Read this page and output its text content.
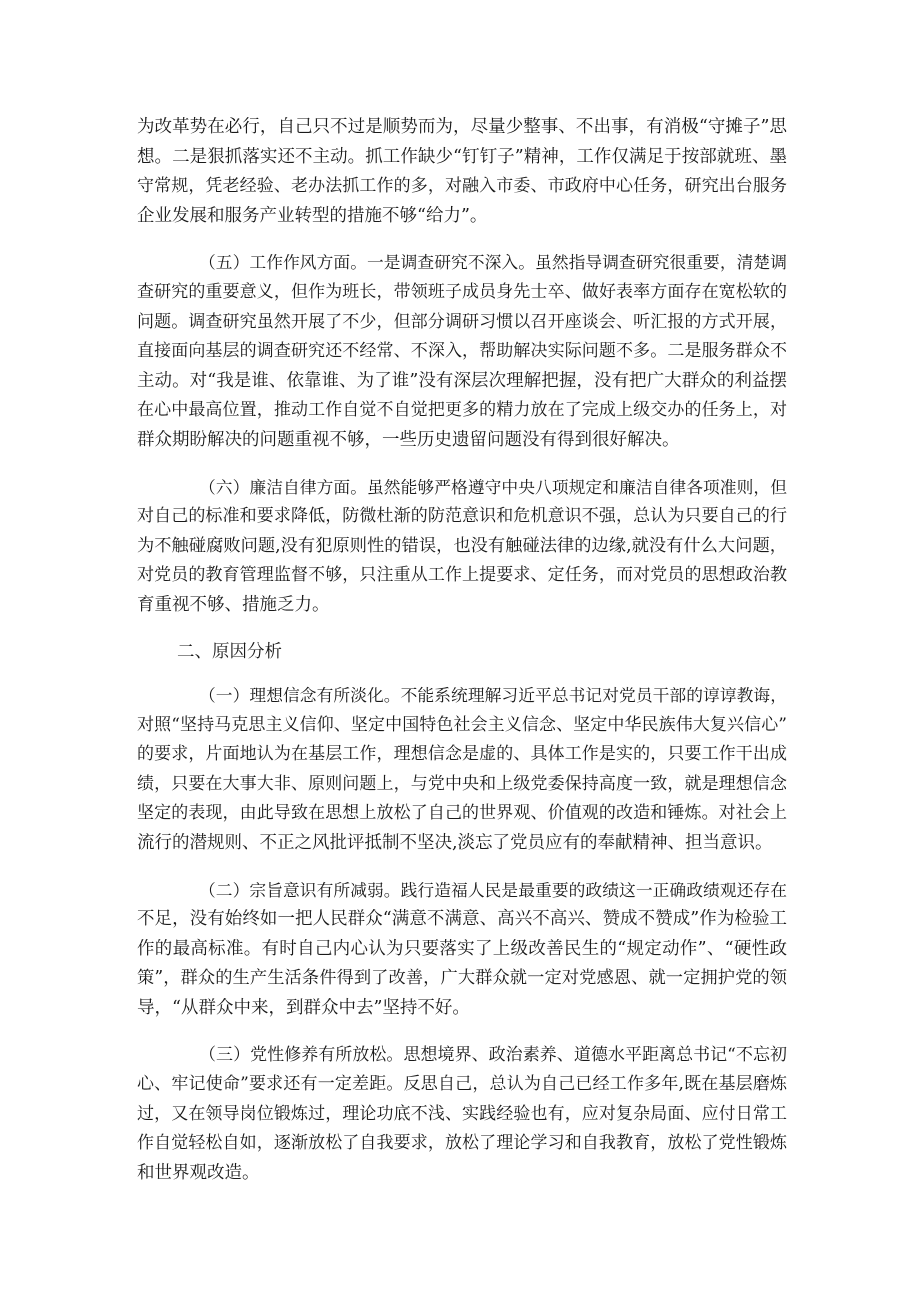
为改革势在必行，自己只不过是顺势而为，尽量少整事、不出事，有消极“守摊子”思
想。二是狠抓落实还不主动。抓工作缺少“钉钉子”精神，工作仅满足于按部就班、墨
守常规，凭老经验、老办法抓工作的多，对融入市委、市政府中心任务，研究出台服务
企业发展和服务产业转型的措施不够“给力”。
（五）工作作风方面。一是调查研究不深入。虽然指导调查研究很重要，清楚调
查研究的重要意义，但作为班长，带领班子成员身先士卒、做好表率方面存在宽松软的
问题。调查研究虽然开展了不少，但部分调研习惯以召开座谈会、听汇报的方式开展，
直接面向基层的调查研究还不经常、不深入，帮助解决实际问题不多。二是服务群众不
主动。对“我是谁、依靠谁、为了谁”没有深层次理解把握，没有把广大群众的利益摆
在心中最高位置，推动工作自觉不自觉把更多的精力放在了完成上级交办的任务上，对
群众期盼解决的问题重视不够，一些历史遗留问题没有得到很好解决。
（六）廉洁自律方面。虽然能够严格遵守中央八项规定和廉洁自律各项准则，但
对自己的标准和要求降低，防微杜渐的防范意识和危机意识不强，总认为只要自己的行
为不触碰腐败问题,没有犯原则性的错误，也没有触碰法律的边缘,就没有什么大问题，
对党员的教育管理监督不够，只注重从工作上提要求、定任务，而对党员的思想政治教
育重视不够、措施乏力。
二、原因分析
（一）理想信念有所淡化。不能系统理解习近平总书记对党员干部的谆谆教诲，
对照“坚持马克思主义信仰、坚定中国特色社会主义信念、坚定中华民族伟大复兴信心”
的要求，片面地认为在基层工作，理想信念是虚的、具体工作是实的，只要工作干出成
绩，只要在大事大非、原则问题上，与党中央和上级党委保持高度一致，就是理想信念
坚定的表现，由此导致在思想上放松了自己的世界观、价值观的改造和锤炼。对社会上
流行的潜规则、不正之风批评抵制不坚决,淡忘了党员应有的奉献精神、担当意识。
（二）宗旨意识有所减弱。践行造福人民是最重要的政绩这一正确政绩观还存在
不足，没有始终如一把人民群众“满意不满意、高兴不高兴、赞成不赞成”作为检验工
作的最高标准。有时自己内心认为只要落实了上级改善民生的“规定动作”、“硬性政
策”，群众的生产生活条件得到了改善，广大群众就一定对党感恩、就一定拥护党的领
导，“从群众中来，到群众中去”坚持不好。
（三）党性修养有所放松。思想境界、政治素养、道德水平距离总书记“不忘初
心、牢记使命”要求还有一定差距。反思自己，总认为自己已经工作多年,既在基层磨炼
过，又在领导岗位锻炼过，理论功底不浅、实践经验也有，应对复杂局面、应付日常工
作自觉轻松自如，逐渐放松了自我要求，放松了理论学习和自我教育，放松了党性锻炼
和世界观改造。
